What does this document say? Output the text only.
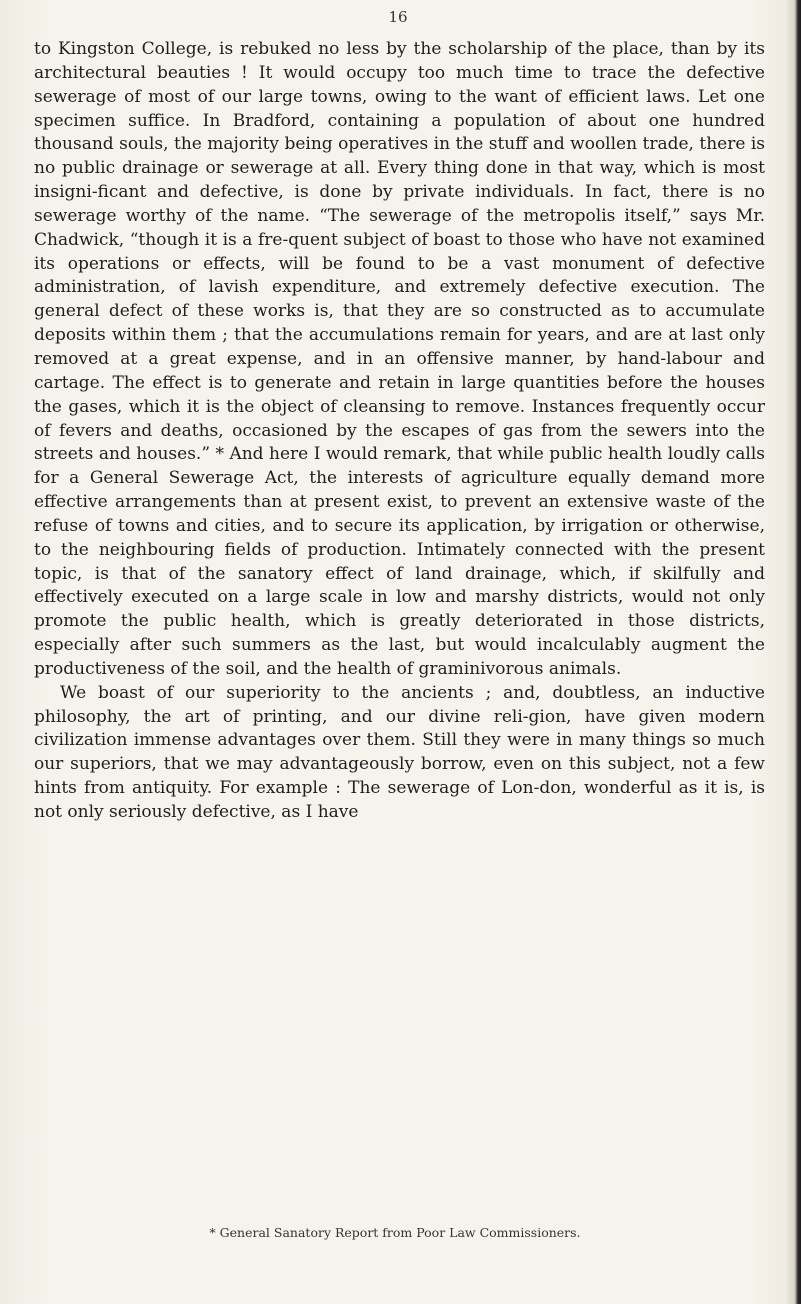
16

to Kingston College, is rebuked no less by the scholarship of the place, than by its architectural beauties ! It would occupy too much time to trace the defective sewerage of most of our large towns, owing to the want of efficient laws. Let one specimen suffice. In Bradford, containing a population of about one hundred thousand souls, the majority being operatives in the stuff and woollen trade, there is no public drainage or sewerage at all. Every thing done in that way, which is most insigni-ficant and defective, is done by private individuals. In fact, there is no sewerage worthy of the name. “The sewerage of the metropolis itself,” says Mr. Chadwick, “though it is a fre-quent subject of boast to those who have not examined its operations or effects, will be found to be a vast monument of defective administration, of lavish expenditure, and extremely defective execution. The general defect of these works is, that they are so constructed as to accumulate deposits within them ; that the accumulations remain for years, and are at last only removed at a great expense, and in an offensive manner, by hand-labour and cartage. The effect is to generate and retain in large quantities before the houses the gases, which it is the object of cleansing to remove. Instances frequently occur of fevers and deaths, occasioned by the escapes of gas from the sewers into the streets and houses.” * And here I would remark, that while public health loudly calls for a General Sewerage Act, the interests of agriculture equally demand more effective arrangements than at present exist, to prevent an extensive waste of the refuse of towns and cities, and to secure its application, by irrigation or otherwise, to the neighbouring fields of production. Intimately connected with the present topic, is that of the sanatory effect of land drainage, which, if skilfully and effectively executed on a large scale in low and marshy districts, would not only promote the public health, which is greatly deteriorated in those districts, especially after such summers as the last, but would incalculably augment the productiveness of the soil, and the health of graminivorous animals.

We boast of our superiority to the ancients ; and, doubtless, an inductive philosophy, the art of printing, and our divine reli-gion, have given modern civilization immense advantages over them. Still they were in many things so much our superiors, that we may advantageously borrow, even on this subject, not a few hints from antiquity. For example : The sewerage of Lon-don, wonderful as it is, is not only seriously defective, as I have

* General Sanatory Report from Poor Law Commissioners.
